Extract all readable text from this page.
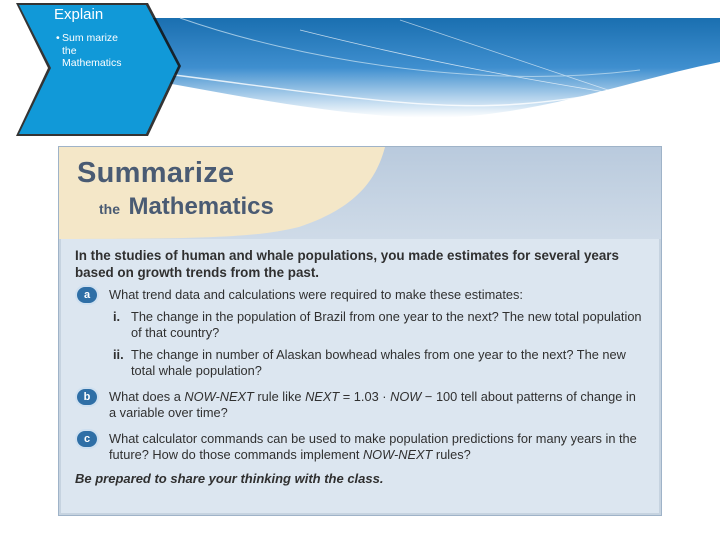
Explain
• Sum marize
the
Mathematics
Summarize
the Mathematics

In the studies of human and whale populations, you made estimates for several years based on growth trends from the past.

a	What trend data and calculations were required to make these estimates:
i. The change in the population of Brazil from one year to the next? The new total population of that country?
ii. The change in number of Alaskan bowhead whales from one year to the next? The new total whale population?
b	What does a NOW-NEXT rule like NEXT = 1.03 · NOW − 100 tell about patterns of change in a variable over time?
c	What calculator commands can be used to make population predictions for many years in the future? How do those commands implement NOW-NEXT rules?
Be prepared to share your thinking with the class.
